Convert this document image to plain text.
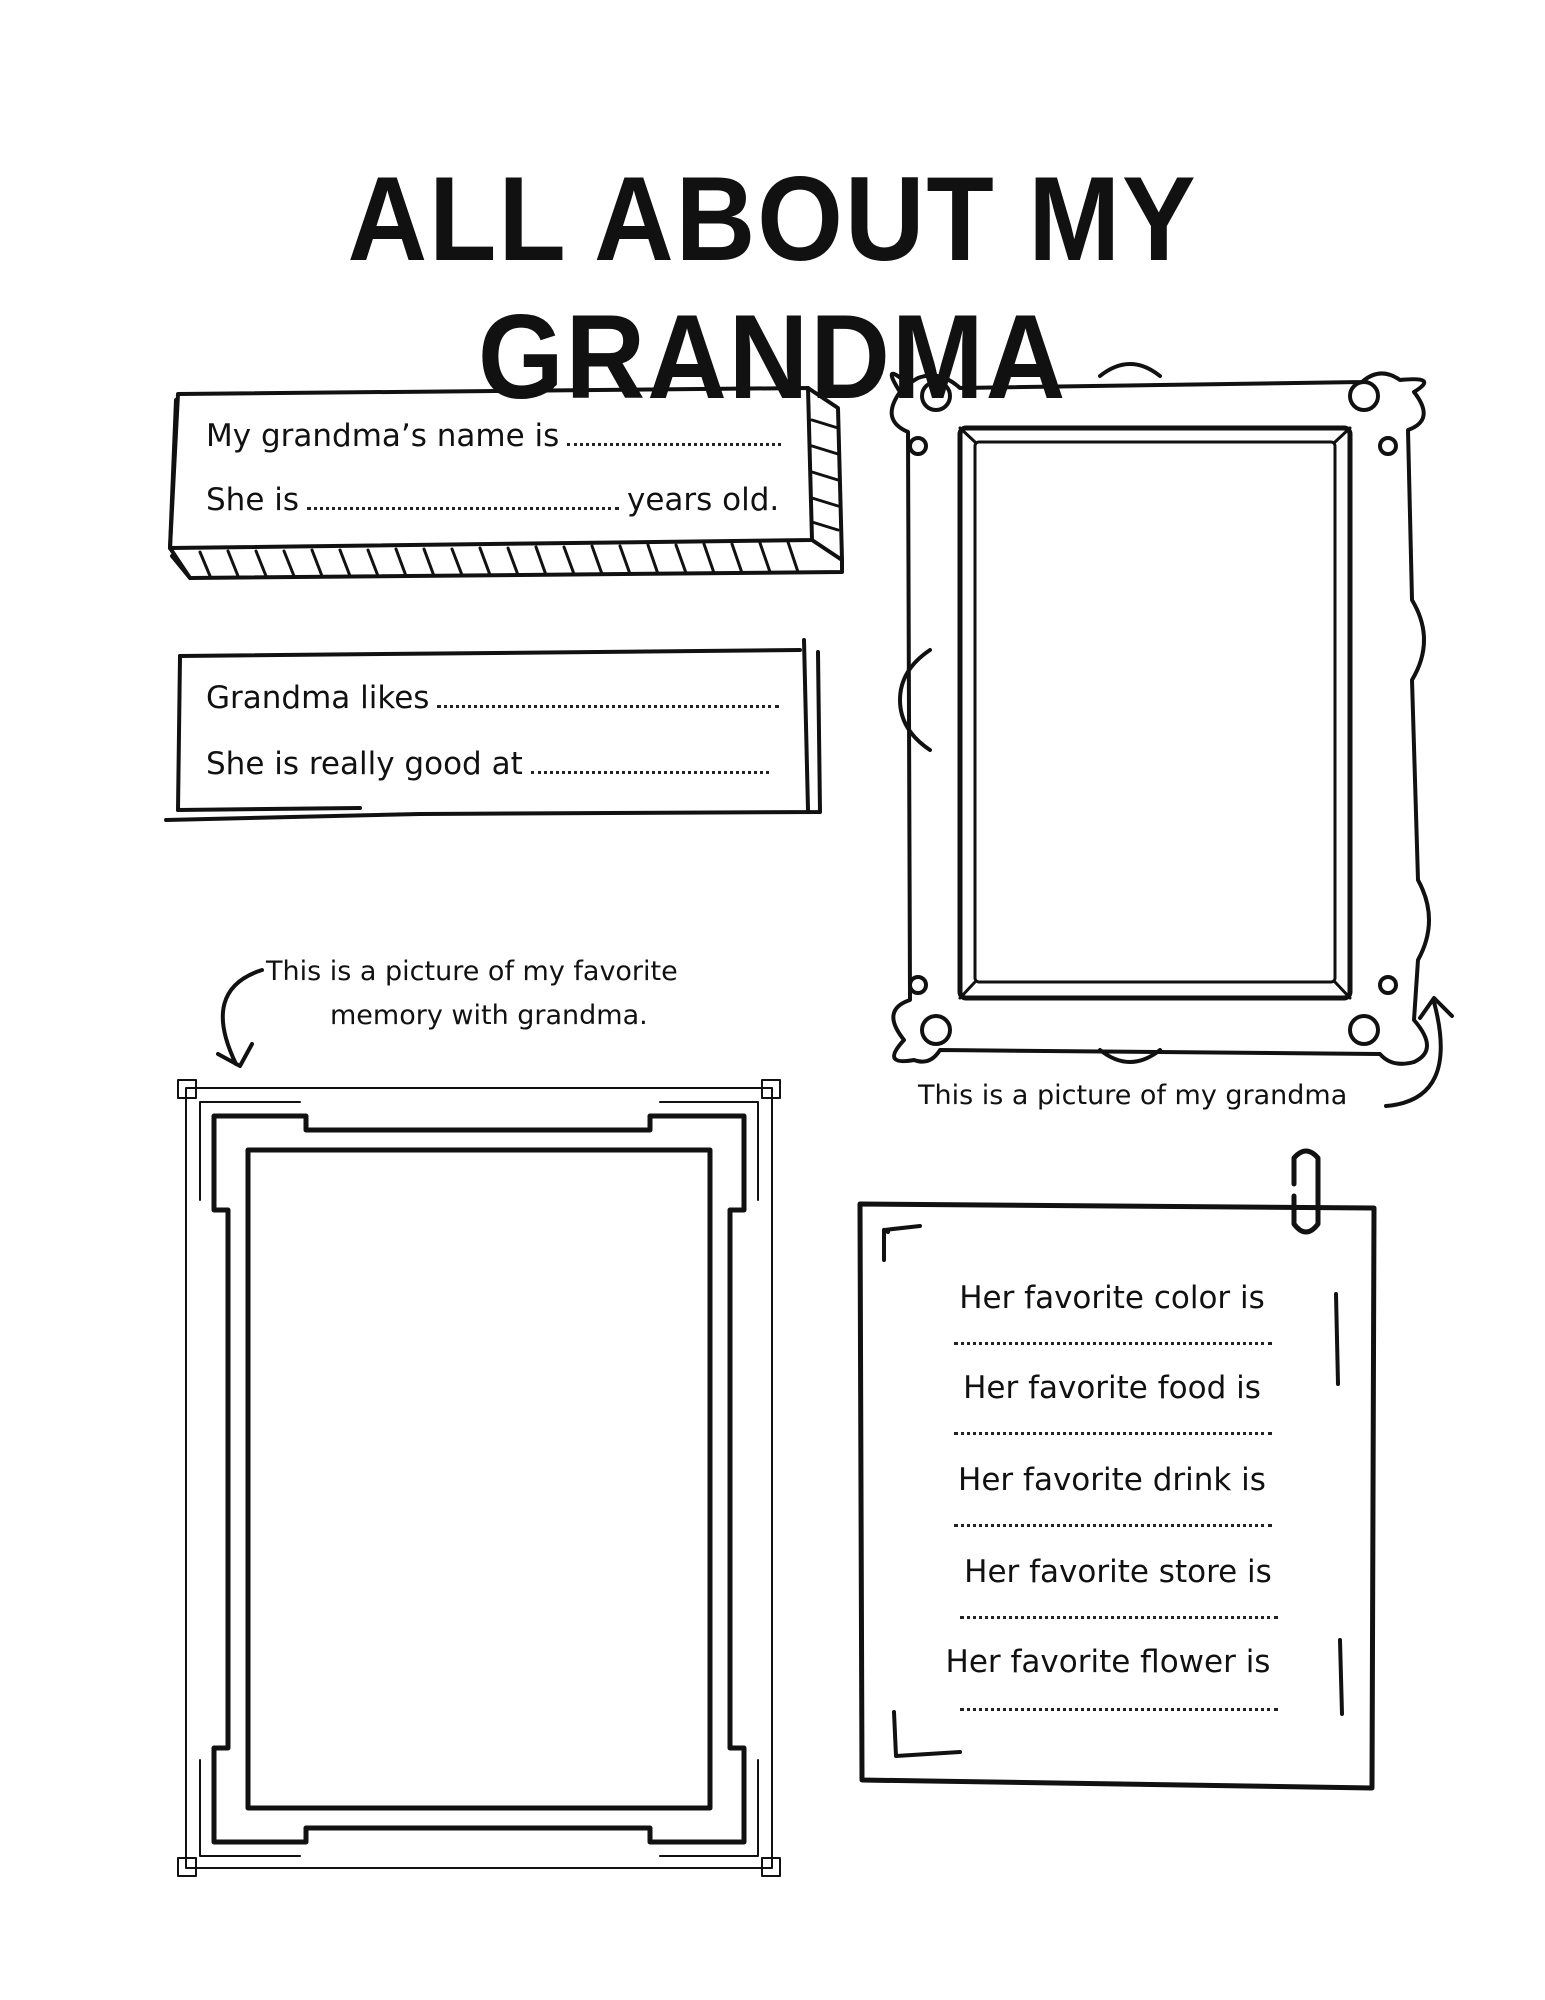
ALL ABOUT MY GRANDMA
My grandma’s name is
She is	years old.
Grandma likes
She is really good at
This is a picture of my favorite
memory with grandma.
This is a picture of my grandma
Her favorite color is
Her favorite food is
Her favorite drink is
Her favorite store is
Her favorite flower is
